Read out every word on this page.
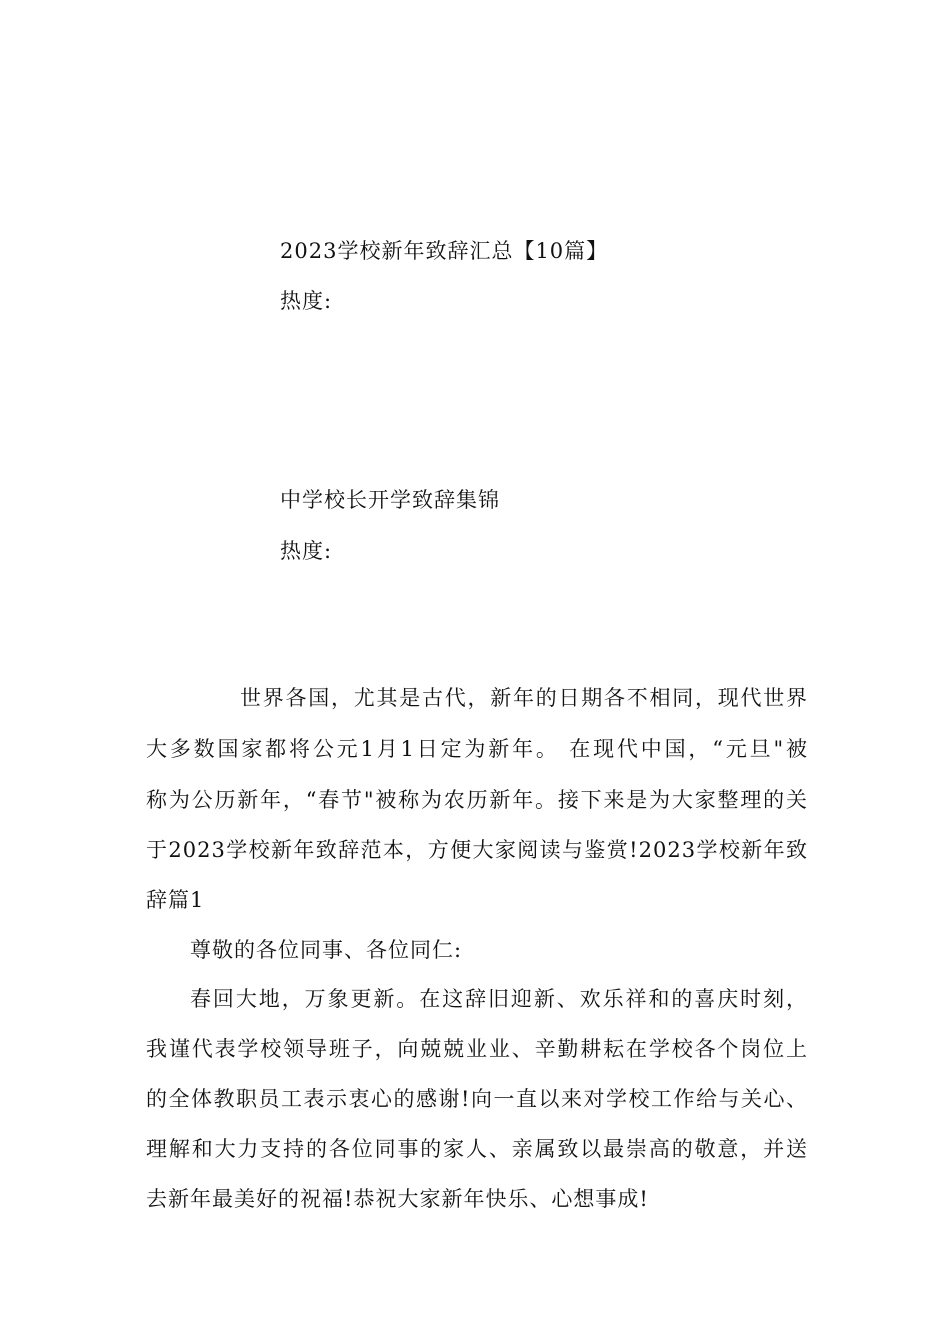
2023学校新年致辞汇总【10篇】
热度:
中学校长开学致辞集锦
热度:
世界各国，尤其是古代，新年的日期各不相同，现代世界
大多数国家都将公元1月1日定为新年。 在现代中国，“元旦"被
称为公历新年，“春节"被称为农历新年。接下来是为大家整理的关
于2023学校新年致辞范本，方便大家阅读与鉴赏!2023学校新年致
辞篇1
尊敬的各位同事、各位同仁:
春回大地，万象更新。在这辞旧迎新、欢乐祥和的喜庆时刻，
我谨代表学校领导班子，向兢兢业业、辛勤耕耘在学校各个岗位上
的全体教职员工表示衷心的感谢!向一直以来对学校工作给与关心、
理解和大力支持的各位同事的家人、亲属致以最崇高的敬意，并送
去新年最美好的祝福!恭祝大家新年快乐、心想事成!
